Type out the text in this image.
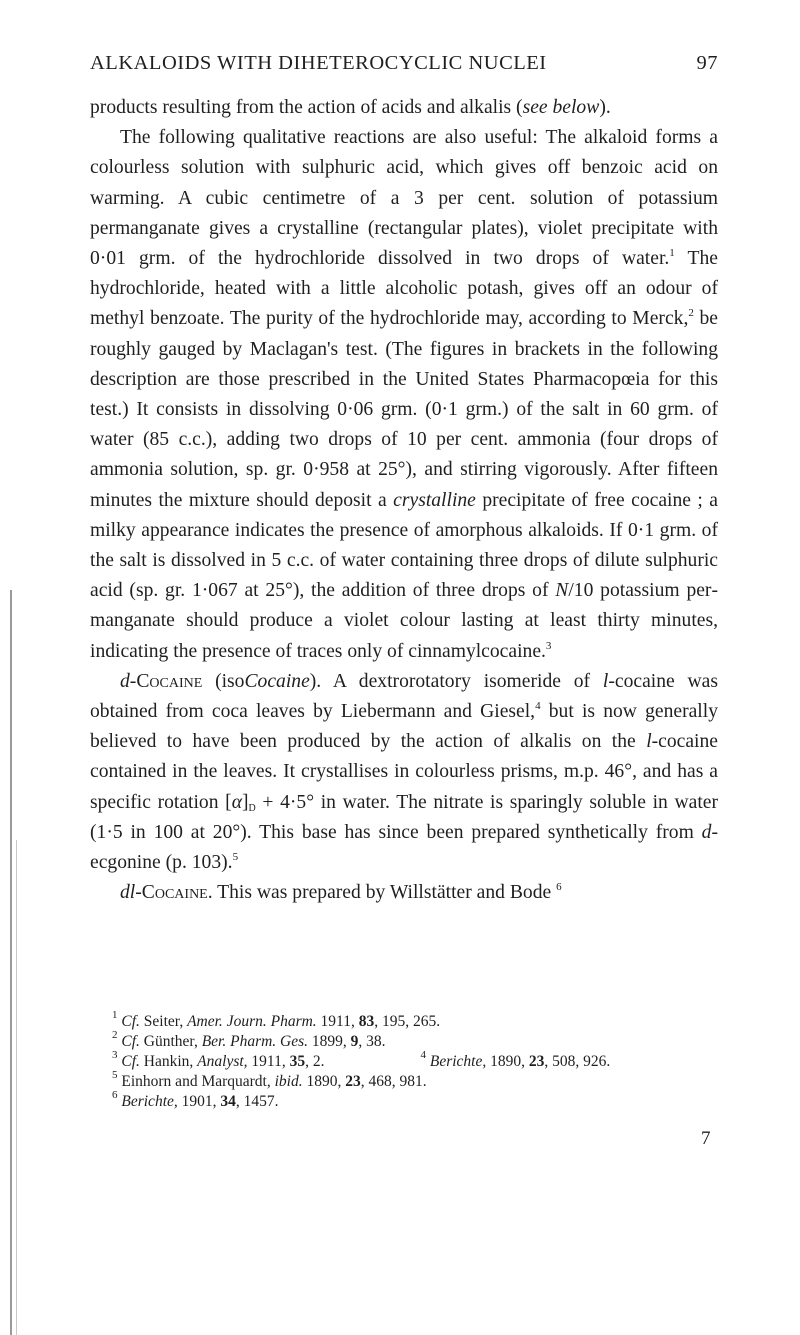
ALKALOIDS WITH DIHETEROCYCLIC NUCLEI	97

products resulting from the action of acids and alkalis (see below).

The following qualitative reactions are also useful: The alkaloid forms a colourless solution with sulphuric acid, which gives off benzoic acid on warming. A cubic centimetre of a 3 per cent. solution of potassium permanganate gives a crystalline (rectangular plates), violet precipitate with 0·01 grm. of the hydrochloride dissolved in two drops of water.$^1$ The hydrochloride, heated with a little alcoholic potash, gives off an odour of methyl benzoate. The purity of the hydrochloride may, according to Merck,$^2$ be roughly gauged by Maclagan's test. (The figures in brackets in the following description are those prescribed in the United States Pharmacopœia for this test.) It consists in dissolving 0·06 grm. (0·1 grm.) of the salt in 60 grm. of water (85 c.c.), adding two drops of 10 per cent. ammonia (four drops of ammonia solution, sp. gr. 0·958 at 25°), and stirring vigorously. After fifteen minutes the mixture should deposit a crystalline precipitate of free cocaine ; a milky appearance indicates the presence of amorphous alkaloids. If 0·1 grm. of the salt is dissolved in 5 c.c. of water containing three drops of dilute sulphuric acid (sp. gr. 1·067 at 25°), the addition of three drops of N/10 potassium permanganate should produce a violet colour lasting at least thirty minutes, indicating the presence of traces only of cinnamylcocaine.$^3$

d-Cocaine (isoCocaine). A dextrorotatory isomeride of l-cocaine was obtained from coca leaves by Liebermann and Giesel,$^4$ but is now generally believed to have been produced by the action of alkalis on the l-cocaine contained in the leaves. It crystallises in colourless prisms, m.p. 46°, and has a specific rotation $[\alpha]_D + 4\cdot 5^\circ$ in water. The nitrate is sparingly soluble in water (1·5 in 100 at 20°). This base has since been prepared synthetically from d-ecgonine (p. 103).$^5$

dl-Cocaine. This was prepared by Willstätter and Bode $^6$

$^1$ Cf. Seiter, Amer. Journ. Pharm. 1911, 83, 195, 265.
$^2$ Cf. Günther, Ber. Pharm. Ges. 1899, 9, 38.
$^3$ Cf. Hankin, Analyst, 1911, 35, 2.	$^4$ Berichte, 1890, 23, 508, 926.
$^5$ Einhorn and Marquardt, ibid. 1890, 23, 468, 981.
$^6$ Berichte, 1901, 34, 1457.
7
